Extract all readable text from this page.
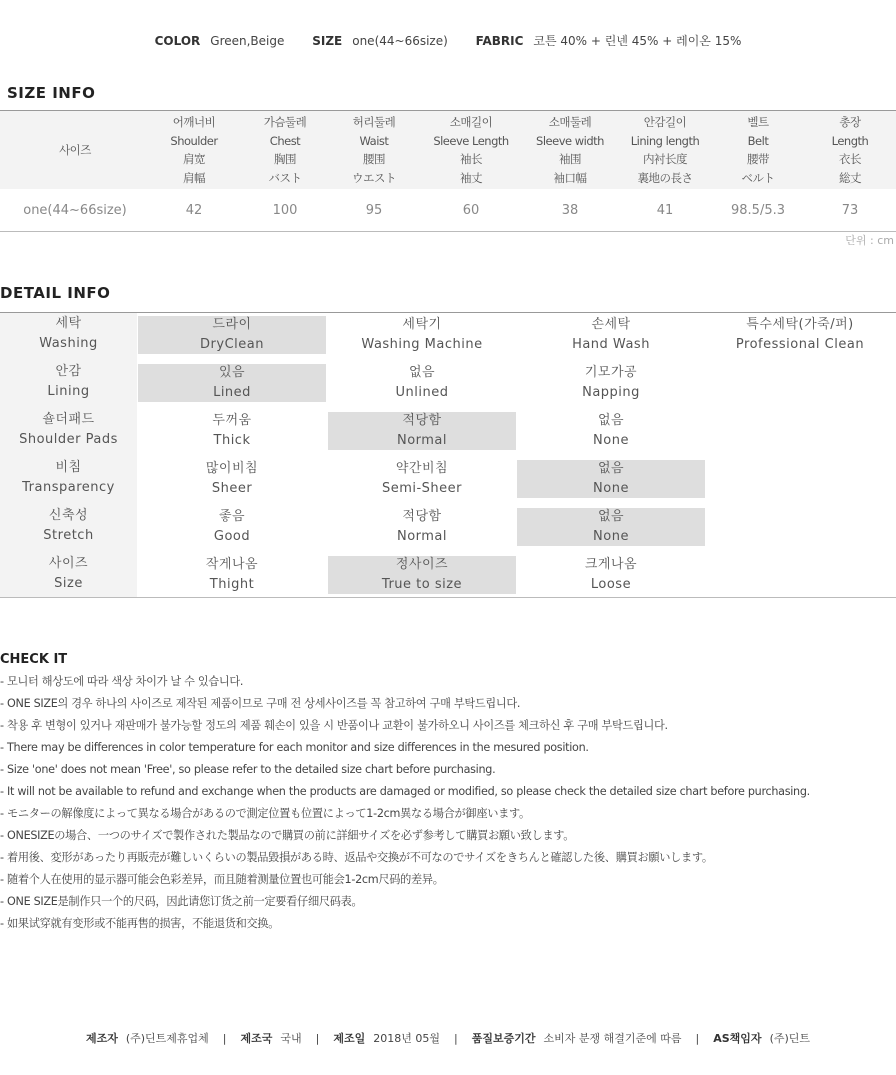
COLOR Green,Beige SIZE one(44~66size) FABRIC 코튼 40% + 린넨 45% + 레이온 15%
SIZE INFO
사이즈
one(44~66size)
어깨너비
Shoulder
肩宽
肩幅
42
가슴둘레
Chest
胸围
バスト
100
허리둘레
Waist
腰围
ウエスト
95
소매길이
Sleeve Length
袖长
袖丈
60
소매둘레
Sleeve width
袖围
袖口幅
38
안감길이
Lining length
内衬长度
裏地の長さ
41
벨트
Belt
腰带
ベルト
98.5/5.3
총장
Length
衣长
総丈
73
단위 : cm
DETAIL INFO
세탁
Washing
드라이
DryClean
세탁기
Washing Machine
손세탁
Hand Wash
특수세탁(가죽/퍼)
Professional Clean
안감
Lining
있음
Lined
없음
Unlined
기모가공
Napping
숄더패드
Shoulder Pads
두꺼움
Thick
적당함
Normal
없음
None
비침
Transparency
많이비침
Sheer
약간비침
Semi-Sheer
없음
None
신축성
Stretch
좋음
Good
적당함
Normal
없음
None
사이즈
Size
작게나옴
Thight
정사이즈
True to size
크게나옴
Loose
CHECK IT
- 모니터 해상도에 따라 색상 차이가 날 수 있습니다.
- ONE SIZE의 경우 하나의 사이즈로 제작된 제품이므로 구매 전 상세사이즈를 꼭 참고하여 구매 부탁드립니다.
- 착용 후 변형이 있거나 재판매가 불가능할 정도의 제품 훼손이 있을 시 반품이나 교환이 불가하오니 사이즈를 체크하신 후 구매 부탁드립니다.
- There may be differences in color temperature for each monitor and size differences in the mesured position.
- Size 'one' does not mean 'Free', so please refer to the detailed size chart before purchasing.
- It will not be available to refund and exchange when the products are damaged or modified, so please check the detailed size chart before purchasing.
- モニターの解像度によって異なる場合があるので測定位置も位置によって1-2cm異なる場合が御座います。
- ONESIZEの場合、一つのサイズで製作された製品なので購買の前に詳細サイズを必ず参考して購買お願い致します。
- 着用後、変形があったり再販売が難しいくらいの製品毀損がある時、返品や交換が不可なのでサイズをきちんと確認した後、購買お願いします。
- 随着个人在使用的显示器可能会色彩差异，而且随着测量位置也可能会1-2cm尺码的差异。
- ONE SIZE是制作只一个的尺码，因此请您订货之前一定要看仔细尺码表。
- 如果试穿就有变形或不能再售的损害，不能退货和交换。
제조자 (주)딘트제휴업체 | 제조국 국내 | 제조일 2018년 05월 | 품질보증기간 소비자 분쟁 해결기준에 따름 | AS책임자 (주)딘트
